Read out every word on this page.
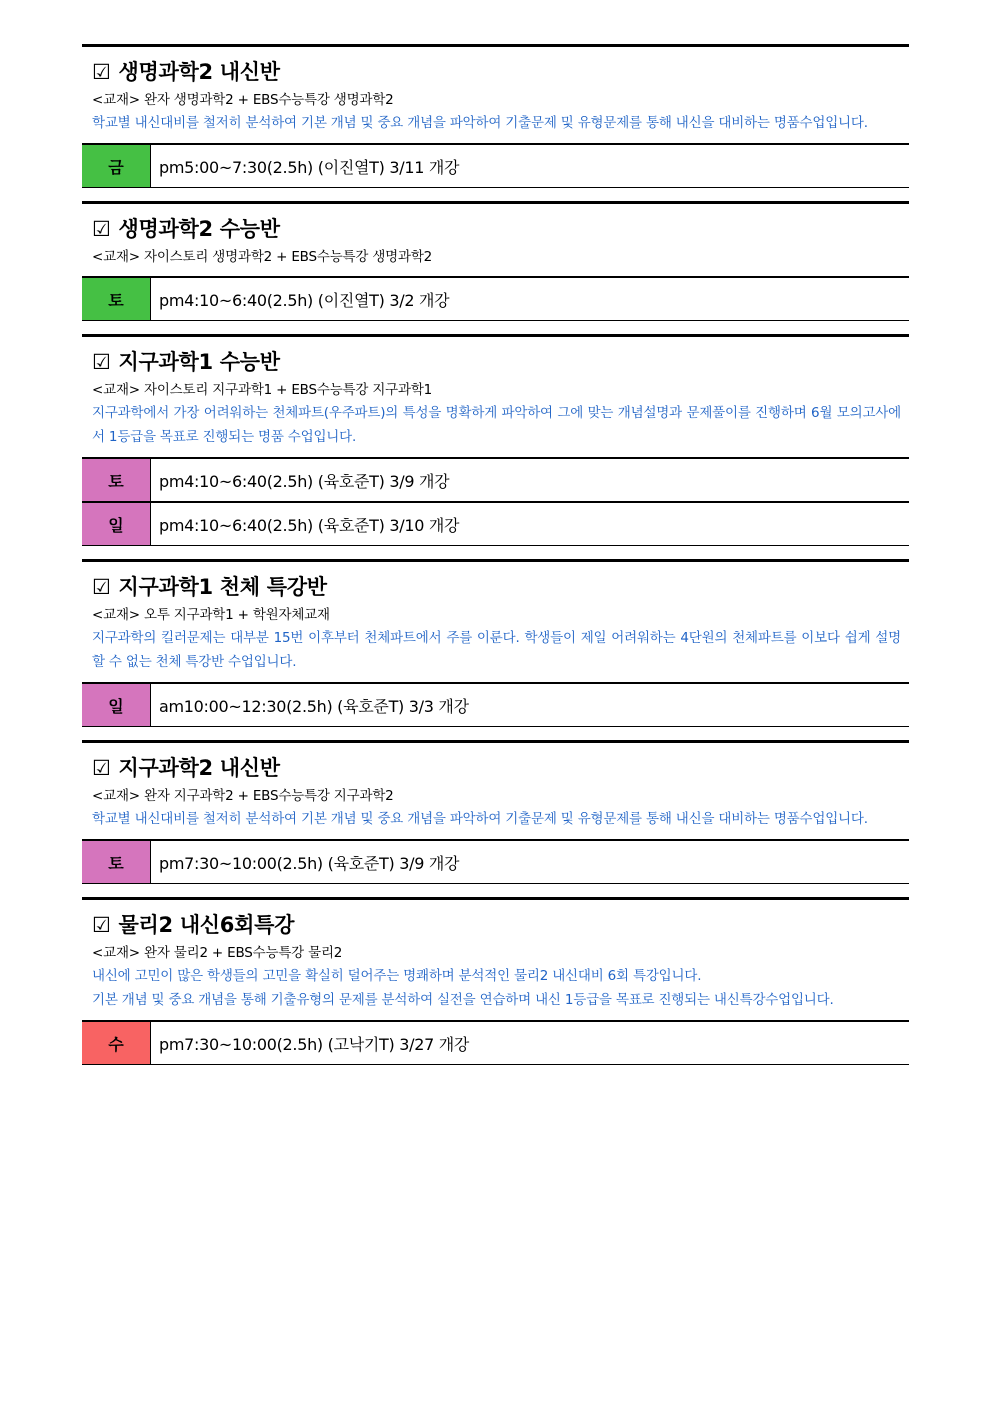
☑ 생명과학2 내신반
<교재> 완자 생명과학2 + EBS수능특강 생명과학2
학교별 내신대비를 철저히 분석하여 기본 개념 및 중요 개념을 파악하여 기출문제 및 유형문제를 통해 내신을 대비하는 명품수업입니다.
금	pm5:00~7:30(2.5h) (이진열T) 3/11 개강
☑ 생명과학2 수능반
<교재> 자이스토리 생명과학2 + EBS수능특강 생명과학2
토	pm4:10~6:40(2.5h) (이진열T) 3/2 개강
☑ 지구과학1 수능반
<교재> 자이스토리 지구과학1 + EBS수능특강 지구과학1
지구과학에서 가장 어려워하는 천체파트(우주파트)의 특성을 명확하게 파악하여 그에 맞는 개념설명과 문제풀이를 진행하며 6월 모의고사에서 1등급을 목표로 진행되는 명품 수업입니다.
토	pm4:10~6:40(2.5h) (육호준T) 3/9 개강
일	pm4:10~6:40(2.5h) (육호준T) 3/10 개강
☑ 지구과학1 천체 특강반
<교재> 오투 지구과학1 + 학원자체교재
지구과학의 킬러문제는 대부분 15번 이후부터 천체파트에서 주를 이룬다. 학생들이 제일 어려워하는 4단원의 천체파트를 이보다 쉽게 설명할 수 없는 천체 특강반 수업입니다.
일	am10:00~12:30(2.5h) (육호준T) 3/3 개강
☑ 지구과학2 내신반
<교재> 완자 지구과학2 + EBS수능특강 지구과학2
학교별 내신대비를 철저히 분석하여 기본 개념 및 중요 개념을 파악하여 기출문제 및 유형문제를 통해 내신을 대비하는 명품수업입니다.
토	pm7:30~10:00(2.5h) (육호준T) 3/9 개강
☑ 물리2 내신6회특강
<교재> 완자 물리2 + EBS수능특강 물리2
내신에 고민이 많은 학생들의 고민을 확실히 덜어주는 명쾌하며 분석적인 물리2 내신대비 6회 특강입니다.
기본 개념 및 중요 개념을 통해 기출유형의 문제를 분석하여 실전을 연습하며 내신 1등급을 목표로 진행되는 내신특강수업입니다.
수	pm7:30~10:00(2.5h) (고낙기T) 3/27 개강
